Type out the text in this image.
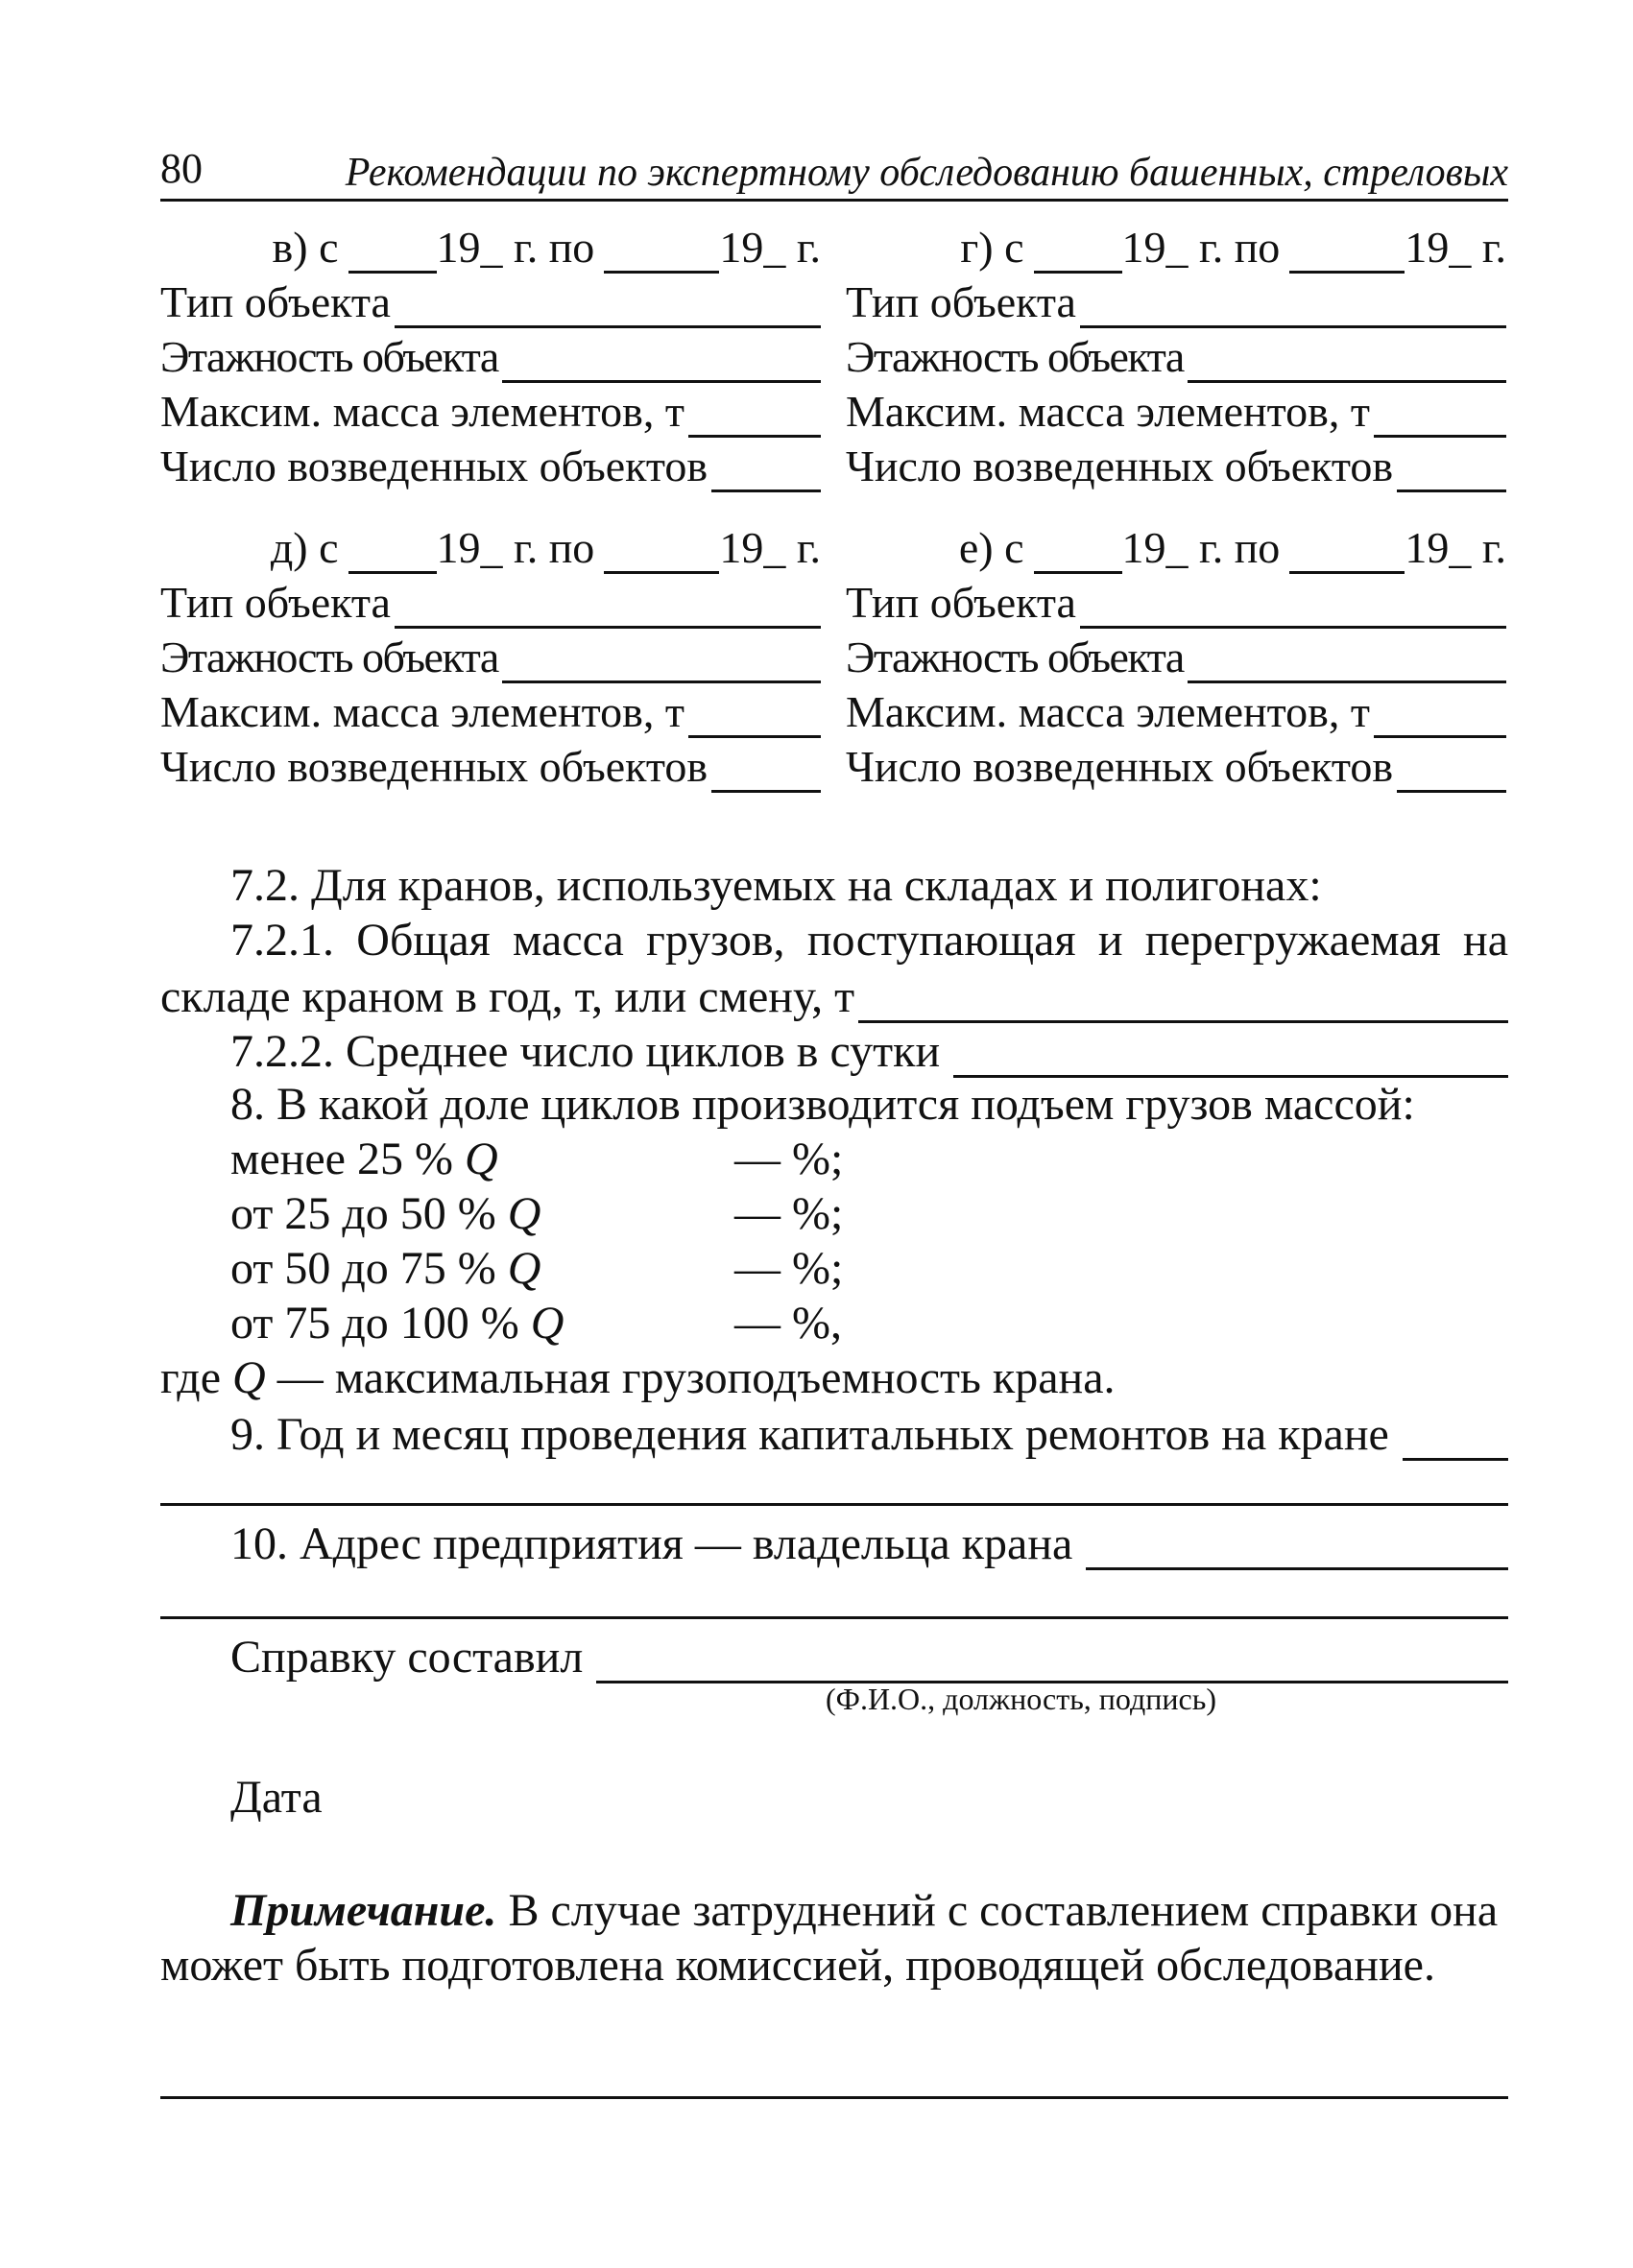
80	Рекомендации по экспертному обследованию башенных, стреловых
в) с 19_ г. по	19_ г.
Тип объекта
Этажность объекта
Максим. масса элементов, т
Число возведенных объектов
г) с 19_ г. по	19_ г.
Тип объекта
Этажность объекта
Максим. масса элементов, т
Число возведенных объектов
д) с 19_ г. по	19_ г.
Тип объекта
Этажность объекта
Максим. масса элементов, т
Число возведенных объектов
е) с 19_ г. по	19_ г.
Тип объекта
Этажность объекта
Максим. масса элементов, т
Число возведенных объектов
7.2. Для кранов, используемых на складах и полигонах:
7.2.1. Общая масса грузов, поступающая и перегружаемая на
складе краном в год, т, или смену, т
7.2.2. Среднее число циклов в сутки
8. В какой доле циклов производится подъем грузов массой:
менее 25 % Q	— %;
от 25 до 50 % Q	— %;
от 50 до 75 % Q	— %;
от 75 до 100 % Q	— %,
где Q — максимальная грузоподъемность крана.
9. Год и месяц проведения капитальных ремонтов на кране
10. Адрес предприятия — владельца крана
Справку составил
(Ф.И.О., должность, подпись)
Дата
Примечание. В случае затруднений с составлением справки она
может быть подготовлена комиссией, проводящей обследование.
